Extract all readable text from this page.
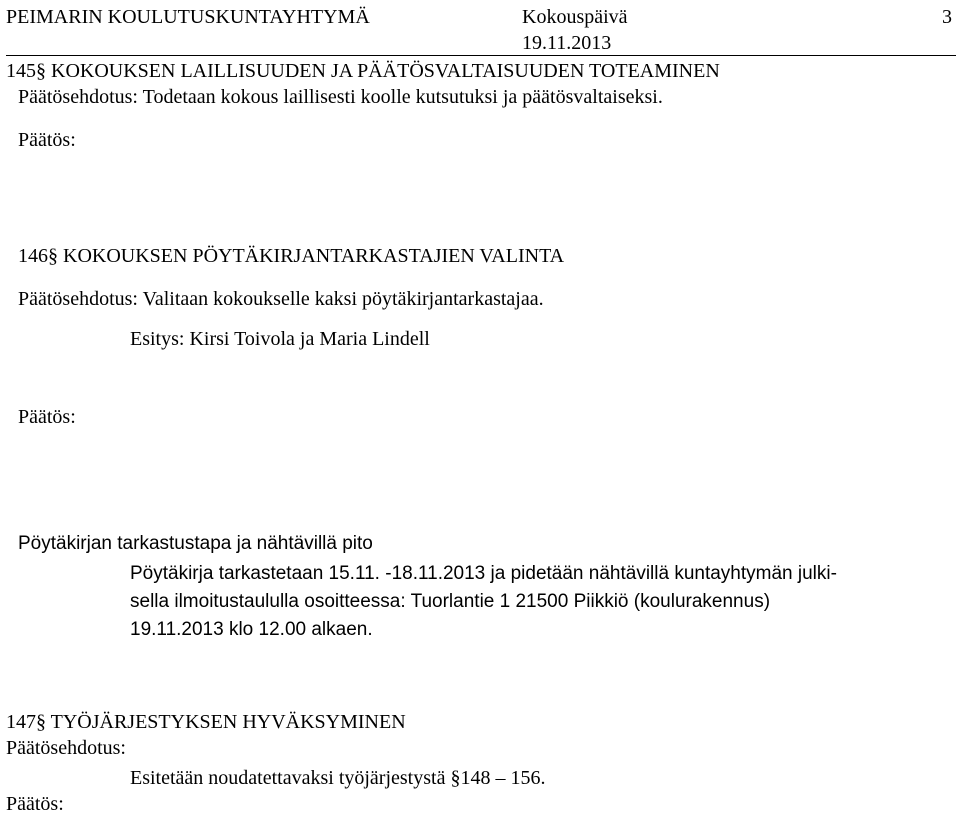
PEIMARIN KOULUTUSKUNTAYHTYMÄ	Kokouspäivä
19.11.2013
3
145§ KOKOUKSEN LAILLISUUDEN JA PÄÄTÖSVALTAISUUDEN TOTEAMINEN
Päätösehdotus: Todetaan kokous laillisesti koolle kutsutuksi ja päätösvaltaiseksi.
Päätös:
146§ KOKOUKSEN PÖYTÄKIRJANTARKASTAJIEN VALINTA
Päätösehdotus: Valitaan kokoukselle kaksi pöytäkirjantarkastajaa.
Esitys: Kirsi Toivola ja Maria Lindell
Päätös:
Pöytäkirjan tarkastustapa ja nähtävillä pito
Pöytäkirja tarkastetaan 15.11. -18.11.2013 ja pidetään nähtävillä kuntayhtymän julki-
sella ilmoitustaululla osoitteessa: Tuorlantie 1 21500 Piikkiö (koulurakennus)
19.11.2013 klo 12.00 alkaen.
147§ TYÖJÄRJESTYKSEN HYVÄKSYMINEN
Päätösehdotus:
Esitetään noudatettavaksi työjärjestystä §148 – 156.
Päätös:
